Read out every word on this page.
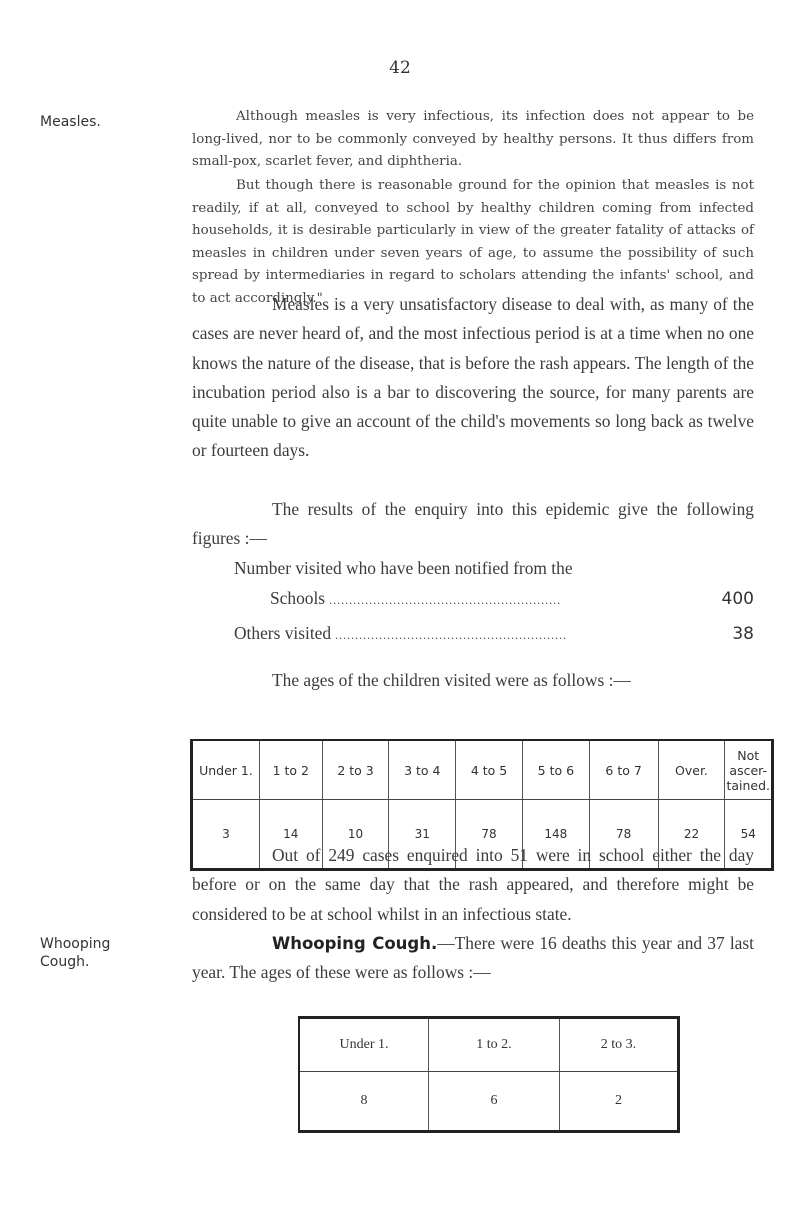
42
Measles.	Although measles is very infectious, its infection does not appear to be long-lived, nor to be commonly conveyed by healthy persons. It thus differs from small-pox, scarlet fever, and diphtheria.

But though there is reasonable ground for the opinion that measles is not readily, if at all, conveyed to school by healthy children coming from infected households, it is desirable particularly in view of the greater fatality of attacks of measles in children under seven years of age, to assume the possibility of such spread by intermediaries in regard to scholars attending the infants' school, and to act accordingly."

Measles is a very unsatisfactory disease to deal with, as many of the cases are never heard of, and the most infectious period is at a time when no one knows the nature of the disease, that is before the rash appears. The length of the incubation period also is a bar to discovering the source, for many parents are quite unable to give an account of the child's movements so long back as twelve or fourteen days.

The results of the enquiry into this epidemic give the following figures :—

Number visited who have been notified from the
Schools ..........................................................	400
Others visited ..........................................................	38

The ages of the children visited were as follows :—

Under 1.	1 to 2	2 to 3	3 to 4	4 to 5	5 to 6	6 to 7	Over.	Not
ascer-
tained.

3	14	10	31	78	148	78	22	54

Out of 249 cases enquired into 51 were in school either the day before or on the same day that the rash appeared, and therefore might be considered to be at school whilst in an infectious state.

Whooping
Cough.

Whooping Cough.—There were 16 deaths this year and 37 last year. The ages of these were as follows :—

Under 1.	1 to 2.	2 to 3.
8	6	2
